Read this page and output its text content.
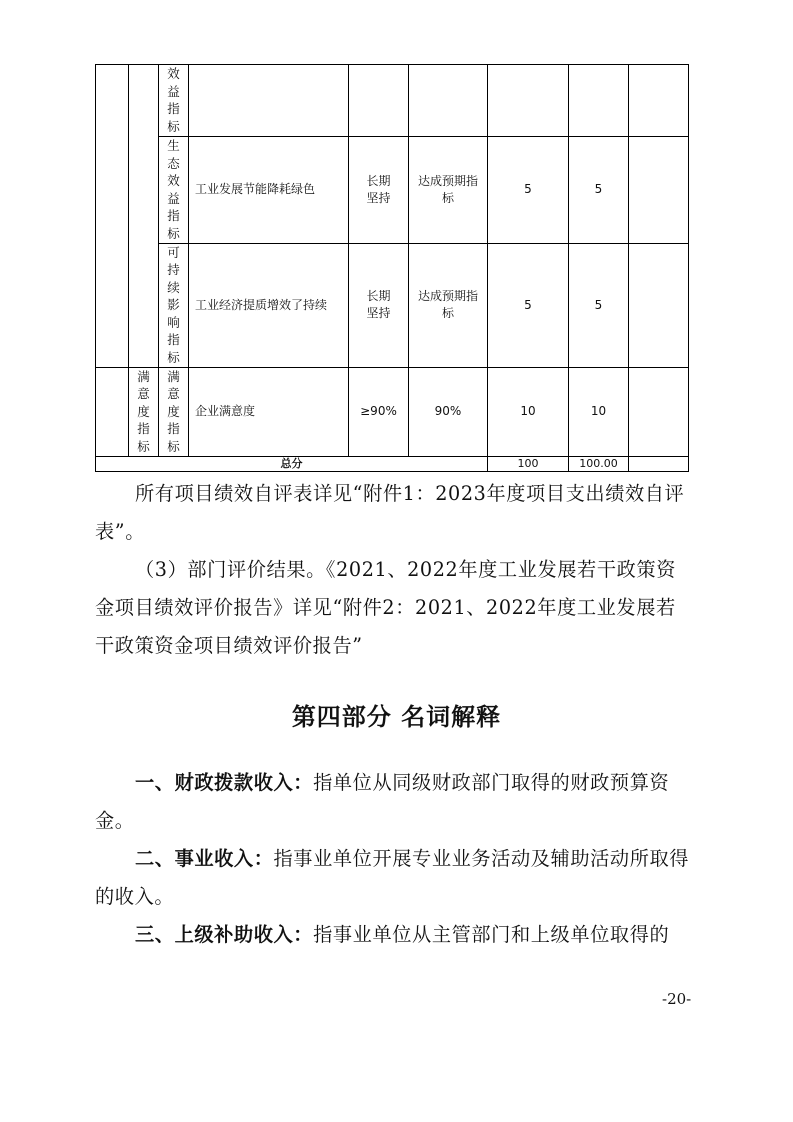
		效益指标						
		生态效益指标	工业发展节能降耗绿色	长期坚持	达成预期指标	5	5	
		可持续影响指标	工业经济提质增效了持续	长期坚持	达成预期指标	5	5	
	满意度指标	满意度指标	企业满意度	≥90%	90%	10	10	
总分						100	100.00	

所有项目绩效自评表详见“附件1：2023年度项目支出绩效自评表”。

（3）部门评价结果。《2021、2022年度工业发展若干政策资金项目绩效评价报告》详见“附件2：2021、2022年度工业发展若干政策资金项目绩效评价报告”

第四部分 名词解释

一、财政拨款收入：指单位从同级财政部门取得的财政预算资金。

二、事业收入：指事业单位开展专业业务活动及辅助活动所取得的收入。

三、上级补助收入：指事业单位从主管部门和上级单位取得的

-20-
